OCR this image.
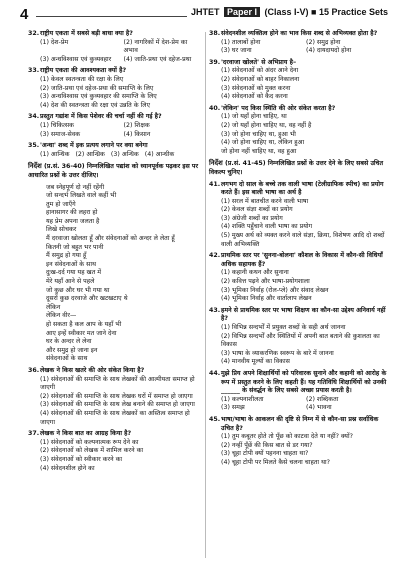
4	JHTET Paper I (Class I-V) ■ 15 Practice Sets
32. राष्ट्रीय एकता में सबसे बड़ी बाधा क्या है?
(1) देश-प्रेम	(2) नागरिकों में देश-प्रेम का अभाव
(3) अन्धविश्वास एवं कुव्यवहार	(4) जाति-प्रथा एवं दहेज-प्रथा
33. राष्ट्रीय एकता की आवश्यकता क्यों है?
(1) केवल स्वतन्त्रता की रक्षा के लिए
(2) जाति-प्रथा एवं दहेज-प्रथा की समाप्ति के लिए
(3) अन्धविश्वास एवं कुव्यवहार की समाप्ति के लिए
(4) देश की स्वतन्त्रता की रक्षा एवं उन्नति के लिए
34. प्रस्तुत गद्यांश में किस पेशेवर की चर्चा नहीं की गई है?
(1) चिकित्सक	(2) शिक्षक
(3) समाज-सेवक	(4) किसान
35. 'अन्धा' शब्द में इक प्रत्यय लगाने पर क्या बनेगा
(1) आन्धिक (2) आन्ध्रिक (3) अन्धिक (4) आन्धीक
निर्देश (प्र.सं. 36-40) निम्नलिखित पद्यांश को ध्यानपूर्वक पढ़कर इस पर आधारित प्रश्नों के उत्तर दीजिए।
जब स्नेहपूर्ण दो नहीं रहेंगी
जो सन्दर्भ लिखते वाले कहीं भी
तुम हो जाएँगे
हानासागर की लहरा हो
यह प्रेम अपना जलता है
लिखे सोचकर
मैं दरवाजा खोलता हूँ और संवेदनाओं को अन्दर ले लेता हूँ
कितनी जो बहुत भर पानी
मैं समुद्र हो गया हूँ
इन संवेदनाओं के साथ
दुःख-दर्द गया यह खत में
मेरे यहाँ आने से पहले
जो कुछ और घर भी गया था
दूसरों कुछ दरवाजे और खटखटाए थे
लेकिन
लेकिन वीर—
हो सकता है कल आप के यहाँ भी
आए इन्हें स्वीकार मत जाने देना
घर के अन्दर ले लेना
और समुद्र हो जाना इन
संवेदनाओं के साथ
36. लेखक ने किस खतरे की ओर संकेत किया है?
(1) संवेदनाओं की समाप्ति के साथ लेखकों की आत्मीयता समाप्त हो जाएगी
(2) संवेदनाओं की समाप्ति के साथ लेखक घरों में समाप्त हो जाएगा
(3) संवेदनाओं की समाप्ति के साथ लेख बनाने की समाप्त हो जाएगा
(4) संवेदनाओं की समाप्ति के साथ लेखकों का अस्तित्व समाप्त हो जाएगा
37. लेखक ने किस बात का आग्रह किया है?
(1) संवेदनाओं को कल्पनात्मक रूप देने का
(2) संवेदनाओं को लेखक में शामिल करने का
(3) संवेदनाओं को स्वीकार करने का
(4) संवेदनशील होने का
38. संवेदनशील व्यक्तित्व होने का भाव किस शब्द से अभिव्यक्त होता है?
(1) तालाबों होना	(2) समुद्र होना
(3) घर जाना	(4) दायदायदो होना
39. 'दरवाजा खोलते' से अभिप्राय है–
(1) संवेदनाओं को अंदर आने देना
(2) संवेदनाओं को बाहर निकालना
(3) संवेदनाओं को मुक्त करना
(4) संवेदनाओं को कैद करना
40. 'लेकिन' पद किस स्थिति की ओर संकेत करता है?
(1) जो यहाँ होना चाहिए, था
(2) जो यहाँ होना चाहिए था, वह नहीं है
(3) जो होना चाहिए था, हुआ भी
(4) जो होना चाहिए था, लेकिन हुआ
जो होना नहीं चाहिए था, वह हुआ
निर्देश (प्र.सं. 41-45) निम्नलिखित प्रश्नों के उत्तर देने के लिए सबसे उचित विकल्प चुनिए।
41. लगभग दो साल के बच्चे तक वाली भाषा (टेलीग्राफिक स्पीच) का प्रयोग करते हैं। इस बाली भाषा का अर्थ है
(1) सरल में बातचीत करने वाली भाषा
(2) केवल संज्ञा शब्दों का प्रयोग
(3) अंग्रेजी शब्दों का प्रयोग
(4) शक्ति पहुँचाने वाली भाषा का प्रयोग
(5) मुख्य अर्थ को व्यक्त करने वाले संज्ञा, क्रिया, विशेषण आदि दो शब्दों वाली अभिव्यक्ति
42. प्राथमिक स्तर पर 'सुनना-बोलना' कौशल के विकास में कौन-सी विधियाँ अधिक सहायक हैं?
(1) कहानी कथन और सुनाना
(2) कवित्त पढ़ने और भाषा-प्रयोगशाला
(3) भूमिका निर्वाह (रोल-प्ले) और संवाद लेखन
(4) भूमिका निर्वाह और वार्तालाप लेखन
43. हमने से प्राथमिक स्तर पर भाषा शिक्षण का कौन-सा उद्देश्य अनिवार्य नहीं है?
(1) विभिन्न सन्दर्भों में प्रयुक्त शब्दों के सही अर्थ जानना
(2) विभिन्न सन्दर्भों और स्थितियों में अपनी बात बताने की कुशलता का विकास
(3) भाषा के व्याकरणिक स्वरूप के बारे में जानना
(4) मानवीय मूल्यों का विकास
44. मुझे प्रिय अपने शिक्षार्थियों को परिवारक सुनाने और कहानी को आरोह के रूप में प्रस्तुत करने के लिए कहती हैं। यह गतिविधि शिक्षार्थियों को उनकी ______ के संवर्द्धन के लिए सबसे अच्छा प्रयास करती है।
(1) कल्पनाशीलता	(2) शब्दिकता
(3) समझ	(4) भावना
45. भाषा/भाषा के आकलन की दृष्टि से निम्न में से कौन-सा प्रश्न सर्वाधिक उचित है?
(1) तुम कबूतर होते तो पूँछ को काटवा देते या नहीं? क्यों?
(2) नन्हीं पूँछें की किस बात से डर गया?
(3) चूहा टोपी क्यों पहनना चाहता था?
(4) चूहा टोपी पर मिलते कैसे चलना चाहता था?
